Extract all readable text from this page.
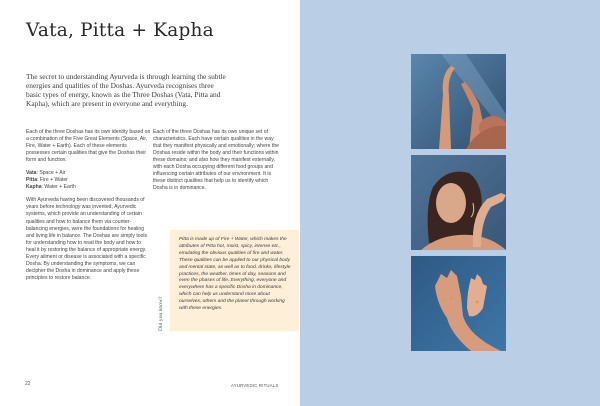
Vata, Pitta + Kapha

The secret to understanding Ayurveda is through learning the subtle energies and qualities of the Doshas. Ayurveda recognises three basic types of energy, known as the Three Doshas (Vata, Pitta and Kapha), which are present in everyone and everything.

Each of the three Doshas has its own identity based on a combination of the Five Great Elements (Space, Air, Fire, Water + Earth). Each of these elements possesses certain qualities that give the Doshas their form and function.

Vata: Space + Air
Pitta: Fire + Water
Kapha: Water + Earth

With Ayurveda having been discovered thousands of years before technology was invented, Ayurvedic systems, which provide an understanding of certain qualities and how to balance them via counter-balancing energies, were the foundations for healing and living life in balance. The Doshas are simply tools for understanding how to read the body and how to heal it by restoring the balance of appropriate energy. Every ailment or disease is associated with a specific Dosha. By understanding the symptoms, we can decipher the Dosha in dominance and apply these principles to restore balance.

Each of the three Doshas has its own unique set of characteristics. Each have certain qualities in the way that they manifest physically and emotionally; where the Doshas reside within the body and their functions within these domains; and also how they manifest externally, with each Dosha occupying different food groups and influencing certain attributes of our environment. It is these distinct qualities that help us to identify which Dosha is in dominance.

Did you know?

Pitta is made up of Fire + Water, which makes the attributes of Pitta hot, moist, spicy, intense etc., emulating the obvious qualities of fire and water. These qualities can be applied to our physical body and mental state, as well as to food, drinks, lifestyle practices, the weather, times of day, seasons and even the phases of life. Everything, everyone and everywhere has a specific Dosha in dominance, which can help us understand more about ourselves, others and the planet through working with these energies.

22	AYURVEDIC RITUALS
